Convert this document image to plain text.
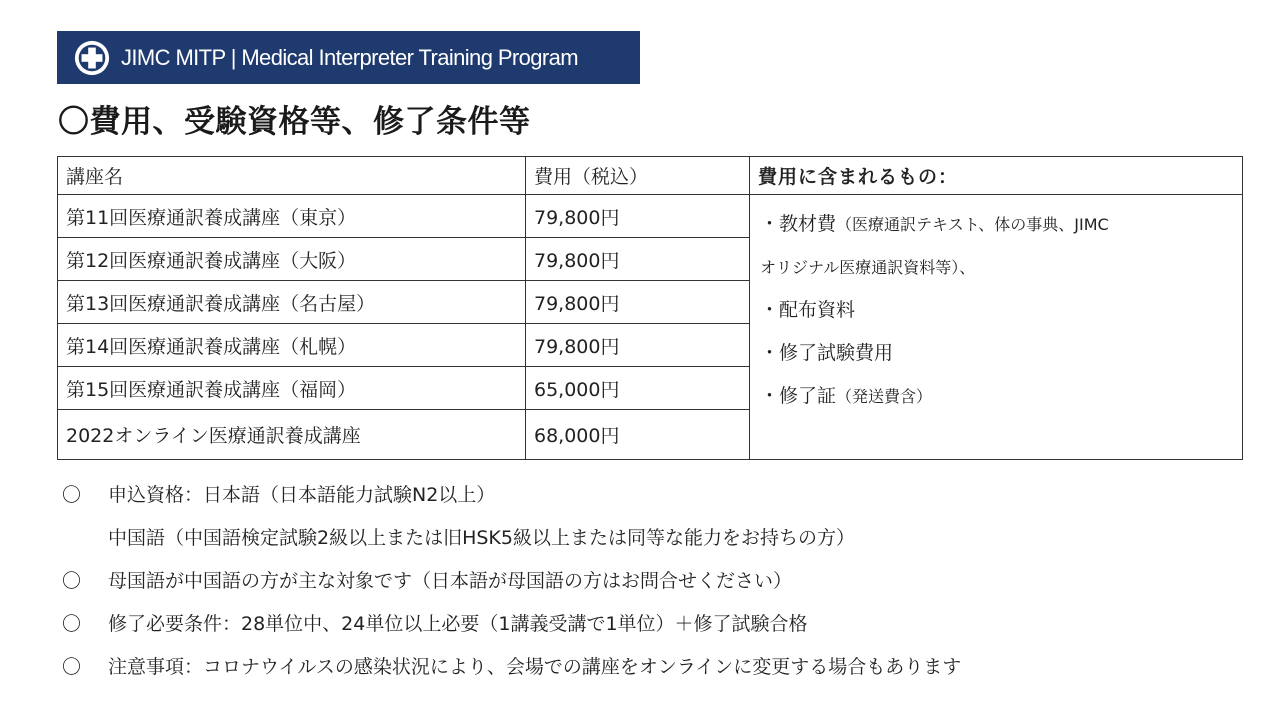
JIMC MITP | Medical Interpreter Training Program
〇費用、受験資格等、修了条件等
講座名	費用（税込）	費用に含まれるもの：
第11回医療通訳養成講座（東京）	79,800円	・教材費（医療通訳テキスト、体の事典、JIMC
オリジナル医療通訳資料等）、
・配布資料
・修了試験費用
・修了証（発送費含）

第12回医療通訳養成講座（大阪）	79,800円	
第13回医療通訳養成講座（名古屋）	79,800円	
第14回医療通訳養成講座（札幌）	79,800円	
第15回医療通訳養成講座（福岡）	65,000円	
2022オンライン医療通訳養成講座	68,000円	
〇	申込資格：日本語（日本語能力試験N2以上）
中国語（中国語検定試験2級以上または旧HSK5級以上または同等な能力をお持ちの方）
〇	母国語が中国語の方が主な対象です（日本語が母国語の方はお問合せください）
〇	修了必要条件：28単位中、24単位以上必要（1講義受講で1単位）＋修了試験合格
〇	注意事項：コロナウイルスの感染状況により、会場での講座をオンラインに変更する場合もあります
